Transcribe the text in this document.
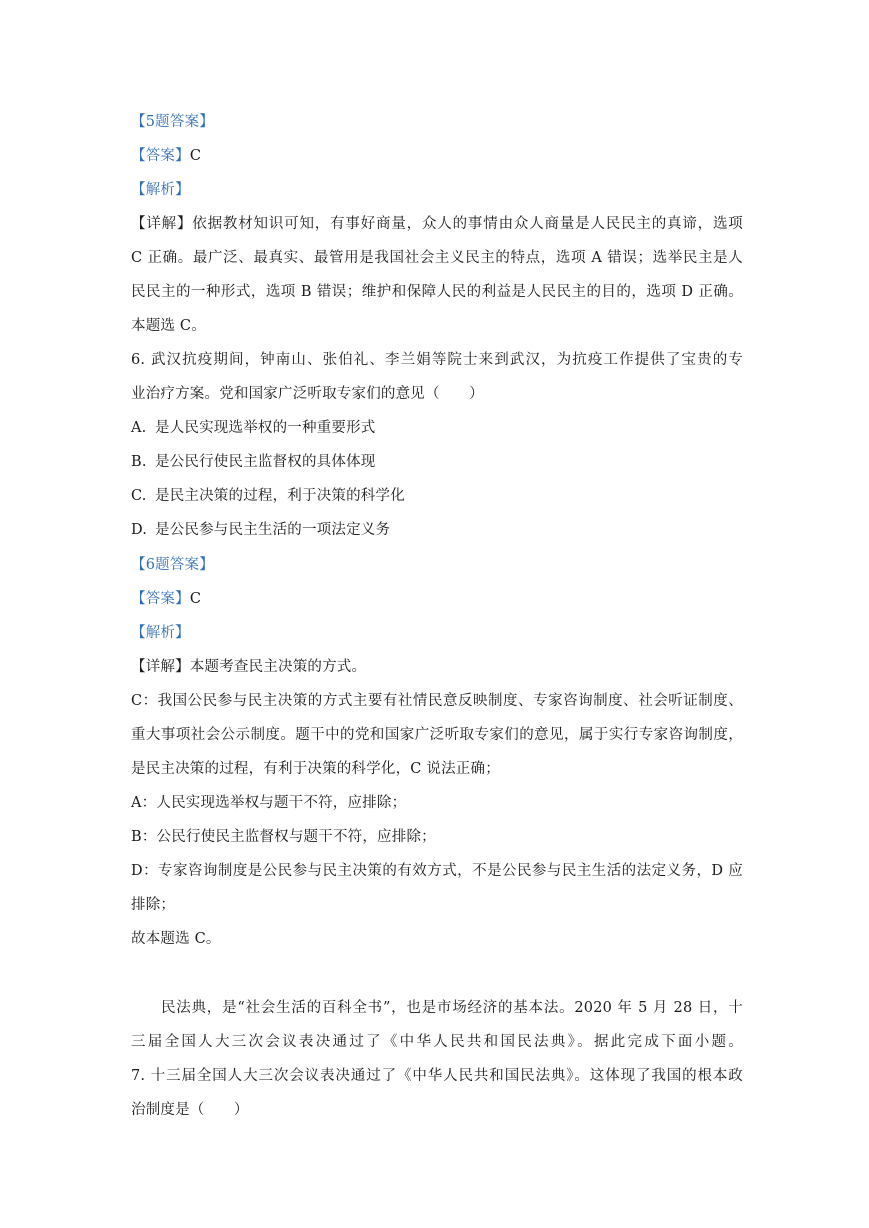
【5题答案】
【答案】C
【解析】
【详解】依据教材知识可知，有事好商量，众人的事情由众人商量是人民民主的真谛，选项
C 正确。最广泛、最真实、最管用是我国社会主义民主的特点，选项 A 错误；选举民主是人
民民主的一种形式，选项 B 错误；维护和保障人民的利益是人民民主的目的，选项 D 正确。
本题选 C。
6. 武汉抗疫期间，钟南山、张伯礼、李兰娟等院士来到武汉，为抗疫工作提供了宝贵的专
业治疗方案。党和国家广泛听取专家们的意见（　　）
A. 是人民实现选举权的一种重要形式
B. 是公民行使民主监督权的具体体现
C. 是民主决策的过程，利于决策的科学化
D. 是公民参与民主生活的一项法定义务
【6题答案】
【答案】C
【解析】
【详解】本题考查民主决策的方式。
C：我国公民参与民主决策的方式主要有社情民意反映制度、专家咨询制度、社会听证制度、
重大事项社会公示制度。题干中的党和国家广泛听取专家们的意见，属于实行专家咨询制度，
是民主决策的过程，有利于决策的科学化，C 说法正确；
A：人民实现选举权与题干不符，应排除；
B：公民行使民主监督权与题干不符，应排除；
D：专家咨询制度是公民参与民主决策的有效方式，不是公民参与民主生活的法定义务，D 应
排除；
故本题选 C。
民法典，是“社会生活的百科全书”，也是市场经济的基本法。2020 年 5 月 28 日，十
三届全国人大三次会议表决通过了《中华人民共和国民法典》。据此完成下面小题。
7. 十三届全国人大三次会议表决通过了《中华人民共和国民法典》。这体现了我国的根本政
治制度是（　　）
